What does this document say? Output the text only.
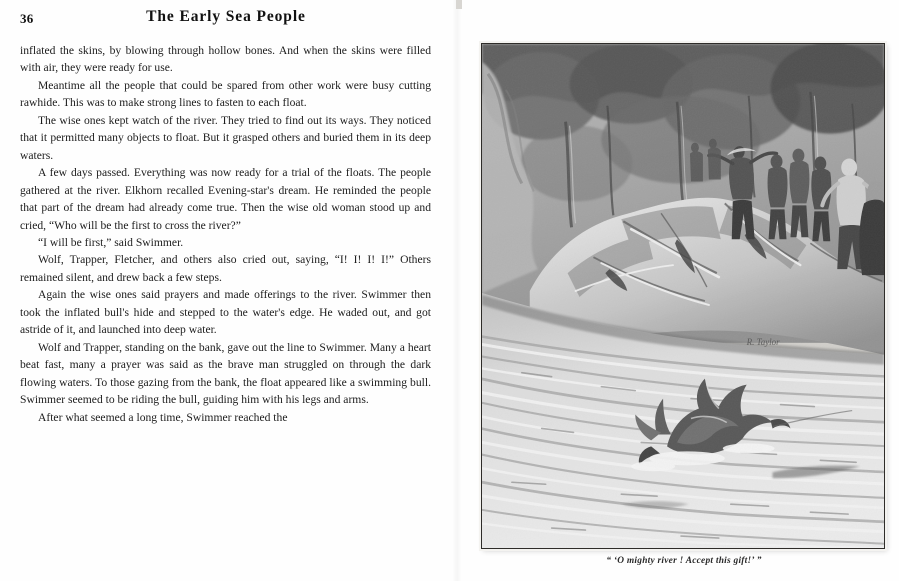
36	The Early Sea People

inflated the skins, by blowing through hollow bones. And when the skins were filled with air, they were ready for use.

Meantime all the people that could be spared from other work were busy cutting rawhide. This was to make strong lines to fasten to each float.

The wise ones kept watch of the river. They tried to find out its ways. They noticed that it permitted many objects to float. But it grasped others and buried them in its deep waters.

A few days passed. Everything was now ready for a trial of the floats. The people gathered at the river. Elkhorn recalled Evening-star's dream. He reminded the people that part of the dream had already come true. Then the wise old woman stood up and cried, “Who will be the first to cross the river?”

“I will be first,” said Swimmer.

Wolf, Trapper, Fletcher, and others also cried out, saying, “I! I! I! I!” Others remained silent, and drew back a few steps.

Again the wise ones said prayers and made offerings to the river. Swimmer then took the inflated bull's hide and stepped to the water's edge. He waded out, and got astride of it, and launched into deep water.

Wolf and Trapper, standing on the bank, gave out the line to Swimmer. Many a heart beat fast, many a prayer was said as the brave man struggled on through the dark flowing waters. To those gazing from the bank, the float appeared like a swimming bull. Swimmer seemed to be riding the bull, guiding him with his legs and arms.

After what seemed a long time, Swimmer reached the

“ ‘O mighty river ! Accept this gift!’ ”
